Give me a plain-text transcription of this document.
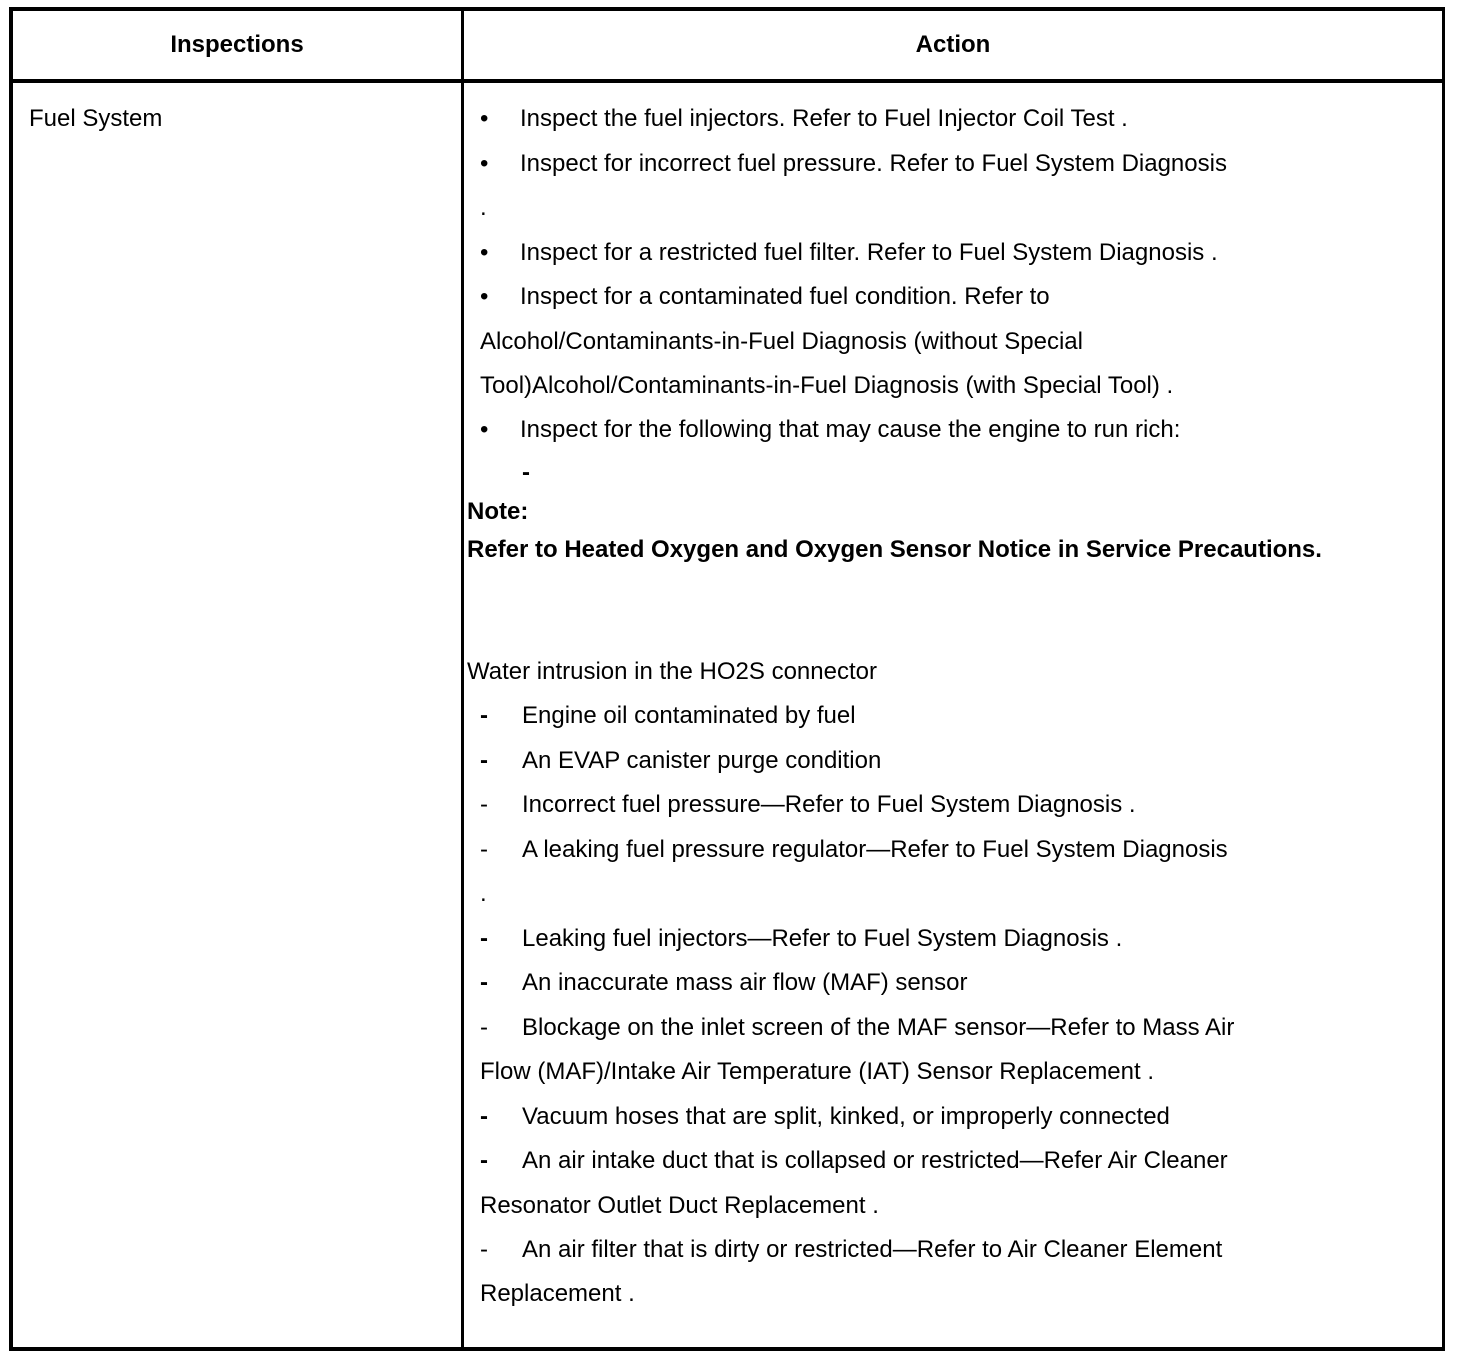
Inspections	Action
Fuel System	•	Inspect the fuel injectors. Refer to Fuel Injector Coil Test .
•	Inspect for incorrect fuel pressure. Refer to Fuel System Diagnosis
.
•	Inspect for a restricted fuel filter. Refer to Fuel System Diagnosis .
•	Inspect for a contaminated fuel condition. Refer to
Alcohol/Contaminants-in-Fuel Diagnosis (without Special
Tool)Alcohol/Contaminants-in-Fuel Diagnosis (with Special Tool) .
•	Inspect for the following that may cause the engine to run rich:
-
Note:
Refer to Heated Oxygen and Oxygen Sensor Notice in Service Precautions.
Water intrusion in the HO2S connector
-	Engine oil contaminated by fuel
-	An EVAP canister purge condition
-	Incorrect fuel pressure—Refer to Fuel System Diagnosis .
-	A leaking fuel pressure regulator—Refer to Fuel System Diagnosis
.
-	Leaking fuel injectors—Refer to Fuel System Diagnosis .
-	An inaccurate mass air flow (MAF) sensor
-	Blockage on the inlet screen of the MAF sensor—Refer to Mass Air
Flow (MAF)/Intake Air Temperature (IAT) Sensor Replacement .
-	Vacuum hoses that are split, kinked, or improperly connected
-	An air intake duct that is collapsed or restricted—Refer Air Cleaner
Resonator Outlet Duct Replacement .
-	An air filter that is dirty or restricted—Refer to Air Cleaner Element
Replacement .
